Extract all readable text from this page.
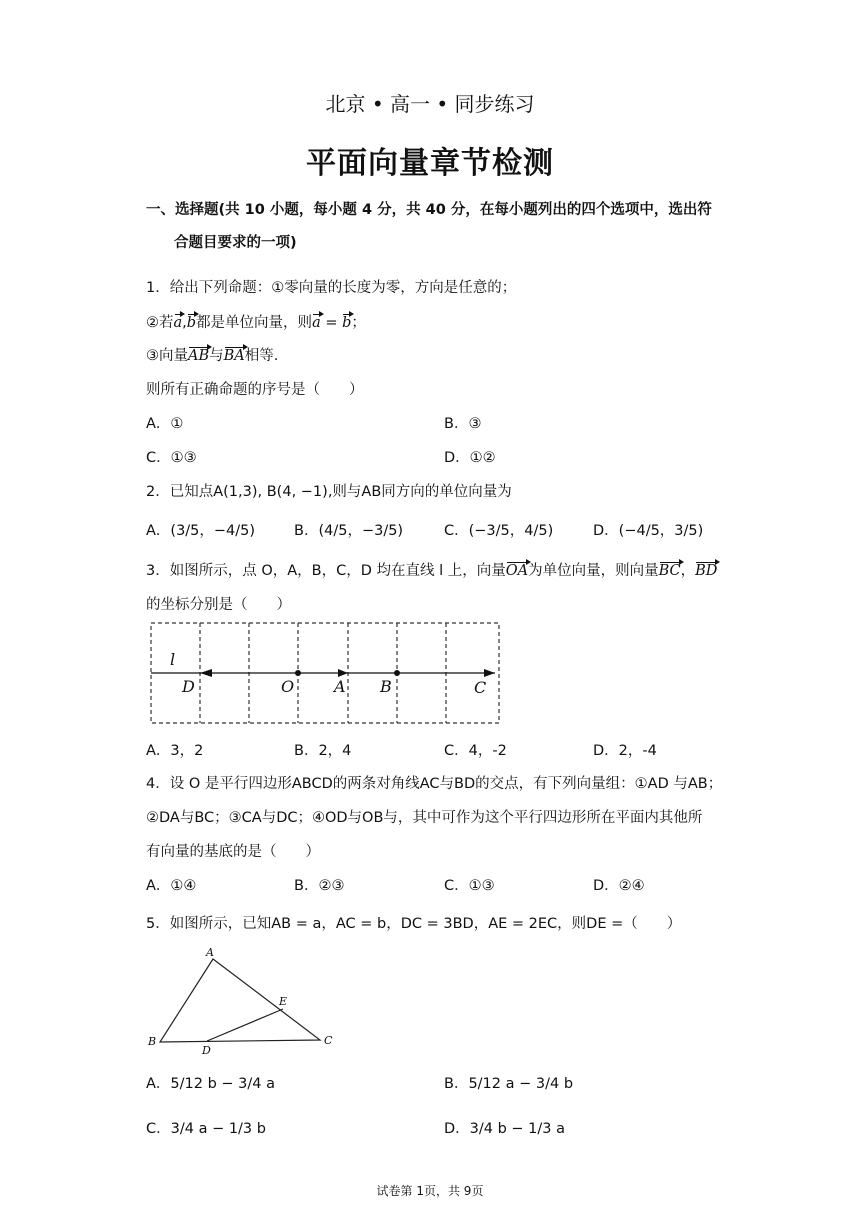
北京 • 高一 • 同步练习
平面向量章节检测
一、选择题(共 10 小题，每小题 4 分，共 40 分，在每小题列出的四个选项中，选出符
合题目要求的一项)
1．给出下列命题：①零向量的长度为零，方向是任意的；
②若a,b都是单位向量，则a = b；
③向量AB与BA相等.
则所有正确命题的序号是（　　）
A．①	B．③
C．①③	D．①②
2．已知点A(1,3), B(4, −1),则与AB同方向的单位向量为
A．(3/5，−4/5)	B．(4/5，−3/5)	C．(−3/5，4/5)	D．(−4/5，3/5)
3．如图所示，点 O，A，B，C，D 均在直线 l 上，向量OA为单位向量，则向量BC，BD
的坐标分别是（　　）
l
D	O A B	C
A．3，2	B．2，4	C．4，-2	D．2，-4
4．设 O 是平行四边形ABCD的两条对角线AC与BD的交点，有下列向量组：①AD 与AB；
②DA与BC；③CA与DC；④OD与OB与，其中可作为这个平行四边形所在平面内其他所
有向量的基底的是（　　）
A．①④	B．②③	C．①③	D．②④
5．如图所示，已知AB = a，AC = b，DC = 3BD，AE = 2EC，则DE =（　　）
A
B	C
D
E
A．5/12 b − 3/4 a	B．5/12 a − 3/4 b
C．3/4 a − 1/3 b	D．3/4 b − 1/3 a
试卷第 1页，共 9页
